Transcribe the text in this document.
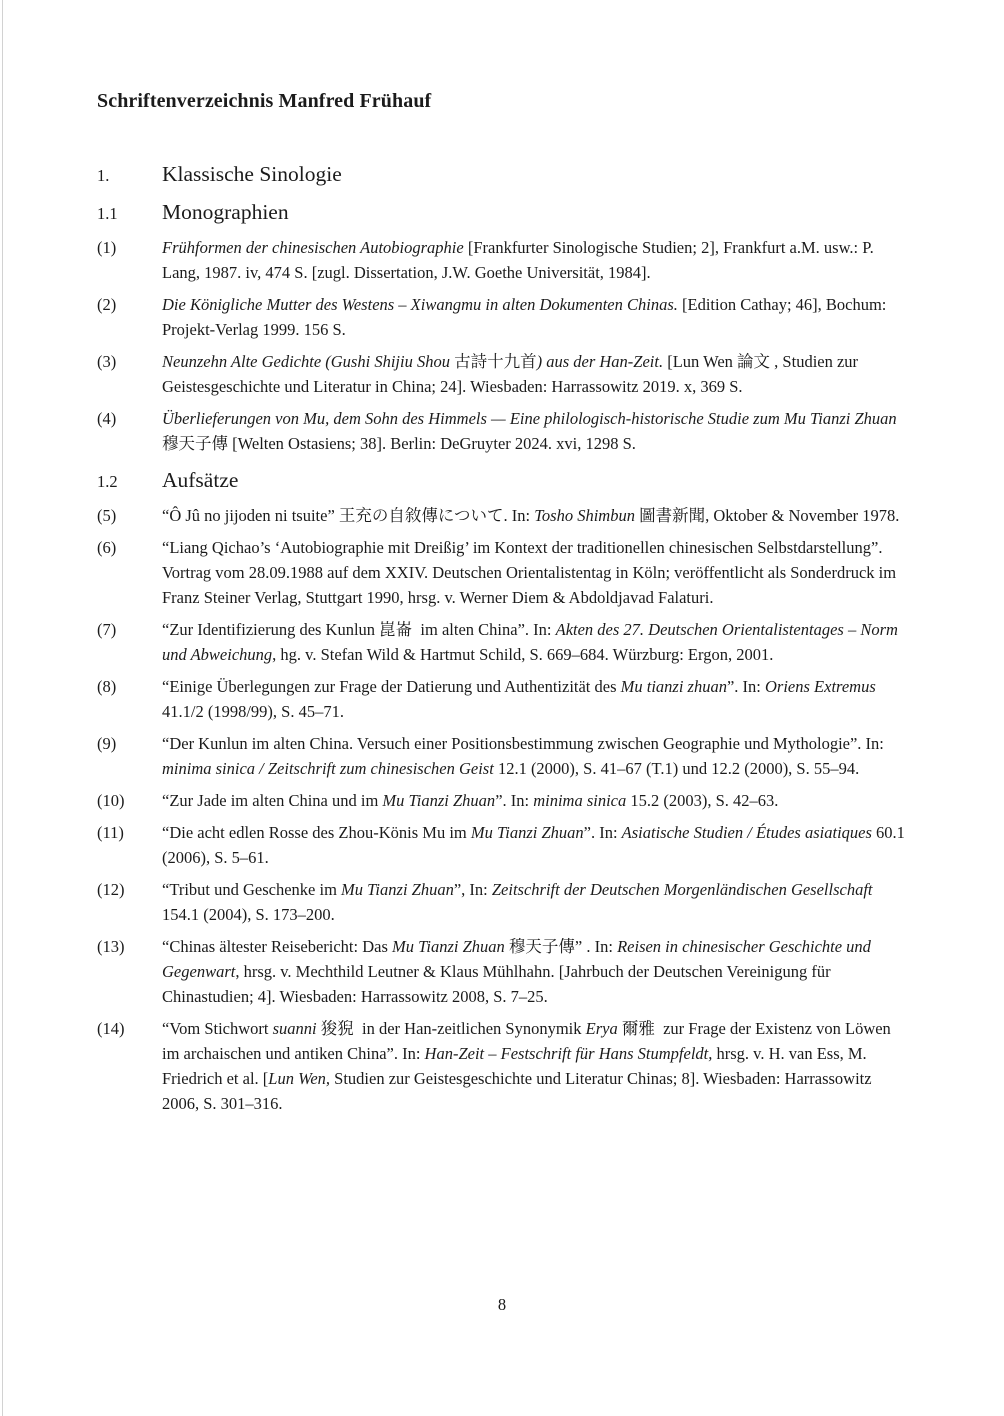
Schriftenverzeichnis Manfred Frühauf
1.	Klassische Sinologie
1.1	Monographien
(1)	Frühformen der chinesischen Autobiographie [Frankfurter Sinologische Studien; 2], Frankfurt a.M. usw.: P. Lang, 1987. iv, 474 S. [zugl. Dissertation, J.W. Goethe Universität, 1984].
(2)	Die Königliche Mutter des Westens – Xiwangmu in alten Dokumenten Chinas. [Edition Cathay; 46], Bochum: Projekt-Verlag 1999. 156 S.
(3)	Neunzehn Alte Gedichte (Gushi Shijiu Shou 古詩十九首) aus der Han-Zeit. [Lun Wen 論文 , Studien zur Geistesgeschichte und Literatur in China; 24]. Wiesbaden: Harrassowitz 2019. x, 369 S.
(4)	Überlieferungen von Mu, dem Sohn des Himmels — Eine philologisch-historische Studie zum Mu Tianzi Zhuan 穆天子傳 [Welten Ostasiens; 38]. Berlin: DeGruyter 2024. xvi, 1298 S.
1.2	Aufsätze
(5)	“Ô Jû no jijoden ni tsuite” 王充の自敘傳について. In: Tosho Shimbun 圖書新聞, Oktober & November 1978.
(6)	“Liang Qichao’s ‘Autobiographie mit Dreißig’ im Kontext der traditionellen chinesischen Selbstdarstellung”. Vortrag vom 28.09.1988 auf dem XXIV. Deutschen Orientalistentag in Köln; veröffentlicht als Sonderdruck im Franz Steiner Verlag, Stuttgart 1990, hrsg. v. Werner Diem & Abdoldjavad Falaturi.
(7)	“Zur Identifizierung des Kunlun 崑崙 im alten China”. In: Akten des 27. Deutschen Orientalistentages – Norm und Abweichung, hg. v. Stefan Wild & Hartmut Schild, S. 669–684. Würzburg: Ergon, 2001.
(8)	“Einige Überlegungen zur Frage der Datierung und Authentizität des Mu tianzi zhuan”. In: Oriens Extremus 41.1/2 (1998/99), S. 45–71.
(9)	“Der Kunlun im alten China. Versuch einer Positionsbestimmung zwischen Geographie und Mythologie”. In: minima sinica / Zeitschrift zum chinesischen Geist 12.1 (2000), S. 41–67 (T.1) und 12.2 (2000), S. 55–94.
(10)	“Zur Jade im alten China und im Mu Tianzi Zhuan”. In: minima sinica 15.2 (2003), S. 42–63.
(11)	“Die acht edlen Rosse des Zhou-Könis Mu im Mu Tianzi Zhuan”. In: Asiatische Studien / Études asiatiques 60.1 (2006), S. 5–61.
(12)	“Tribut und Geschenke im Mu Tianzi Zhuan”, In: Zeitschrift der Deutschen Morgenländischen Gesellschaft 154.1 (2004), S. 173–200.
(13)	“Chinas ältester Reisebericht: Das Mu Tianzi Zhuan 穆天子傳” . In: Reisen in chinesischer Geschichte und Gegenwart, hrsg. v. Mechthild Leutner & Klaus Mühlhahn. [Jahrbuch der Deutschen Vereinigung für Chinastudien; 4]. Wiesbaden: Harrassowitz 2008, S. 7–25.
(14)	“Vom Stichwort suanni 狻猊 in der Han-zeitlichen Synonymik Erya 爾雅 zur Frage der Existenz von Löwen im archaischen und antiken China”. In: Han-Zeit – Festschrift für Hans Stumpfeldt, hrsg. v. H. van Ess, M. Friedrich et al. [Lun Wen, Studien zur Geistesgeschichte und Literatur Chinas; 8]. Wiesbaden: Harrassowitz 2006, S. 301–316.
8
